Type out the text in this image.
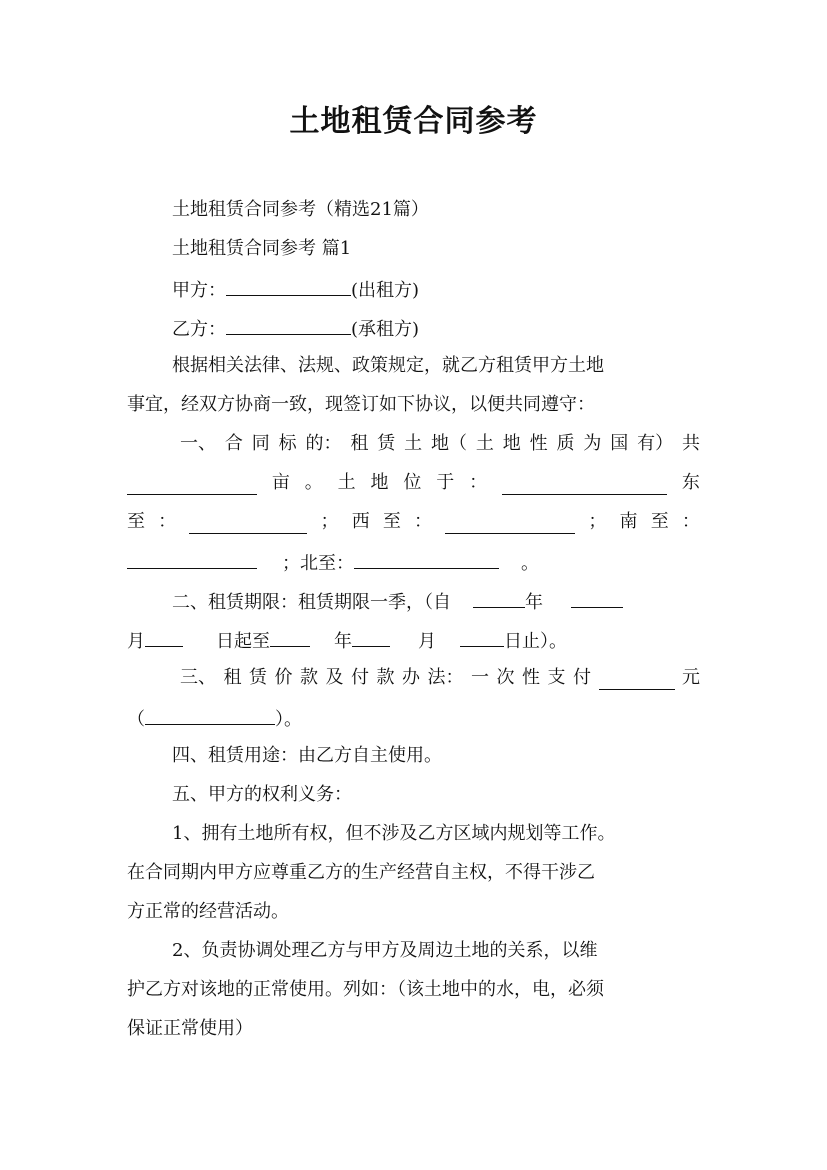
土地租赁合同参考
土地租赁合同参考（精选21篇）
土地租赁合同参考 篇1
甲方：	(出租方)
乙方：	(承租方)
根据相关法律、法规、政策规定，就乙方租赁甲方土地
事宜，经双方协商一致，现签订如下协议，以便共同遵守：
一、 合 同 标 的： 租 赁 土 地（ 土 地 性 质 为 国 有） 共
亩 。 土 地 位 于 ：	东
至 ：	； 西 至 ：	； 南 至 ：
；北至：	。
二、租赁期限：租赁期限一季，（自	年
月	日起至	年	月	日止）。
三、 租 赁 价 款 及 付 款 办 法： 一 次 性 支 付	元
（	）。
四、租赁用途：由乙方自主使用。
五、甲方的权利义务：
1、拥有土地所有权，但不涉及乙方区域内规划等工作。
在合同期内甲方应尊重乙方的生产经营自主权，不得干涉乙
方正常的经营活动。
2、负责协调处理乙方与甲方及周边土地的关系，以维
护乙方对该地的正常使用。列如：（该土地中的水，电，必须
保证正常使用）
